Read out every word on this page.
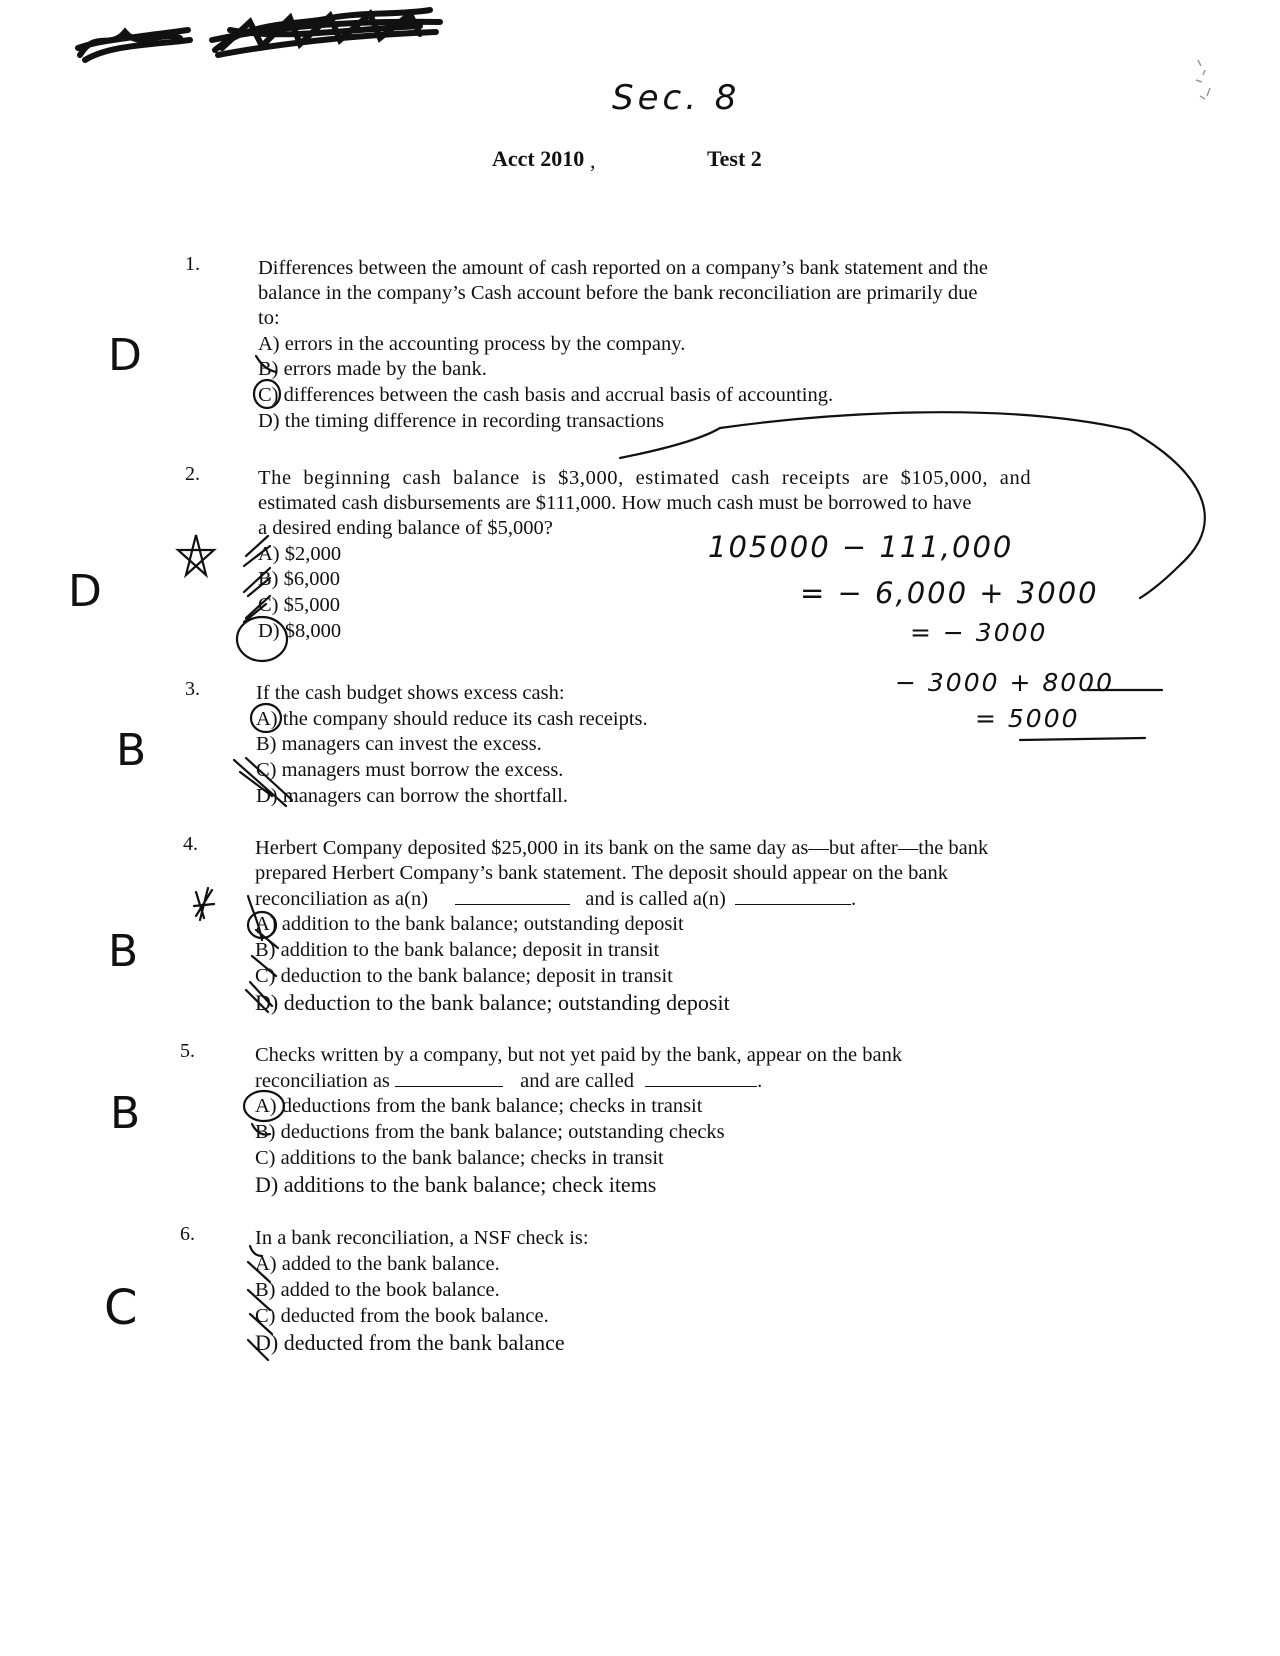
Sec. 8
Acct 2010 ,	Test 2
1.	Differences between the amount of cash reported on a company’s bank statement and the
balance in the company’s Cash account before the bank reconciliation are primarily due
to:
A) errors in the accounting process by the company.
B) errors made by the bank.
C) differences between the cash basis and accrual basis of accounting.
D) the timing difference in recording transactions
D
2.	The beginning cash balance is $3,000, estimated cash receipts are $105,000, and
estimated cash disbursements are $111,000. How much cash must be borrowed to have
a desired ending balance of $5,000?
A) $2,000
B) $6,000
C) $5,000
D) $8,000
D
105000 − 111,000
= − 6,000 + 3000
= − 3000
− 3000 + 8000
= 5000
3.	If the cash budget shows excess cash:
A) the company should reduce its cash receipts.
B) managers can invest the excess.
C) managers must borrow the excess.
D) managers can borrow the shortfall.
B
4.	Herbert Company deposited $25,000 in its bank on the same day as—but after—the bank
prepared Herbert Company’s bank statement. The deposit should appear on the bank
reconciliation as a(n)	and is called a(n)	.
A) addition to the bank balance; outstanding deposit
B) addition to the bank balance; deposit in transit
C) deduction to the bank balance; deposit in transit
D) deduction to the bank balance; outstanding deposit
B
5.	Checks written by a company, but not yet paid by the bank, appear on the bank
reconciliation as	and are called	.
A) deductions from the bank balance; checks in transit
B) deductions from the bank balance; outstanding checks
C) additions to the bank balance; checks in transit
D) additions to the bank balance; check items
B
6.	In a bank reconciliation, a NSF check is:
A) added to the bank balance.
B) added to the book balance.
C) deducted from the book balance.
D) deducted from the bank balance
C
